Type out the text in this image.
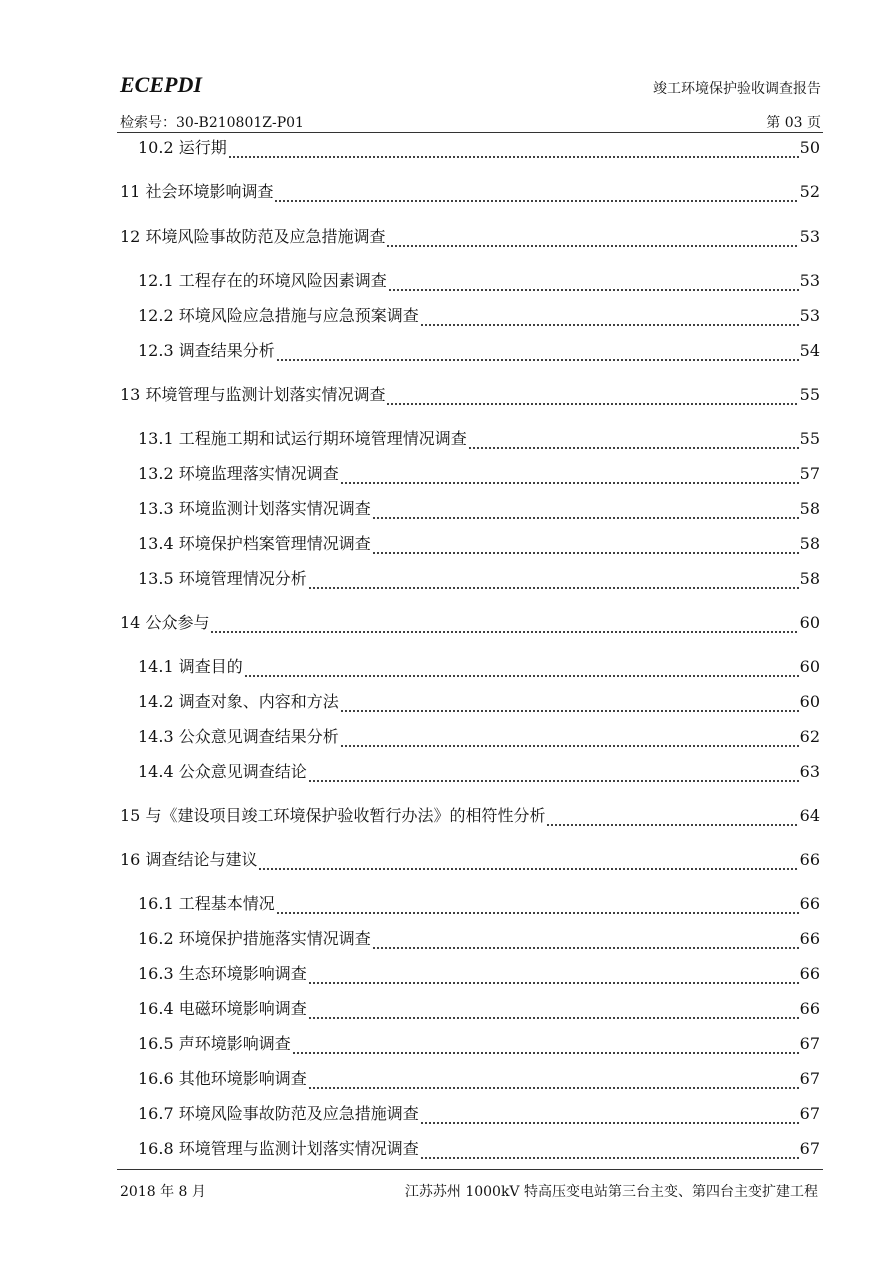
ECEPDI	竣工环境保护验收调查报告
检索号：30-B210801Z-P01	第 03 页
10.2 运行期	50
11 社会环境影响调查	52
12 环境风险事故防范及应急措施调查	53
12.1 工程存在的环境风险因素调查	53
12.2 环境风险应急措施与应急预案调查	53
12.3 调查结果分析	54
13 环境管理与监测计划落实情况调查	55
13.1 工程施工期和试运行期环境管理情况调查	55
13.2 环境监理落实情况调查	57
13.3 环境监测计划落实情况调查	58
13.4 环境保护档案管理情况调查	58
13.5 环境管理情况分析	58
14 公众参与	60
14.1 调查目的	60
14.2 调查对象、内容和方法	60
14.3 公众意见调查结果分析	62
14.4 公众意见调查结论	63
15 与《建设项目竣工环境保护验收暂行办法》的相符性分析	64
16 调查结论与建议	66
16.1 工程基本情况	66
16.2 环境保护措施落实情况调查	66
16.3 生态环境影响调查	66
16.4 电磁环境影响调查	66
16.5 声环境影响调查	67
16.6 其他环境影响调查	67
16.7 环境风险事故防范及应急措施调查	67
16.8 环境管理与监测计划落实情况调查	67
2018 年 8 月	江苏苏州 1000kV 特高压变电站第三台主变、第四台主变扩建工程
